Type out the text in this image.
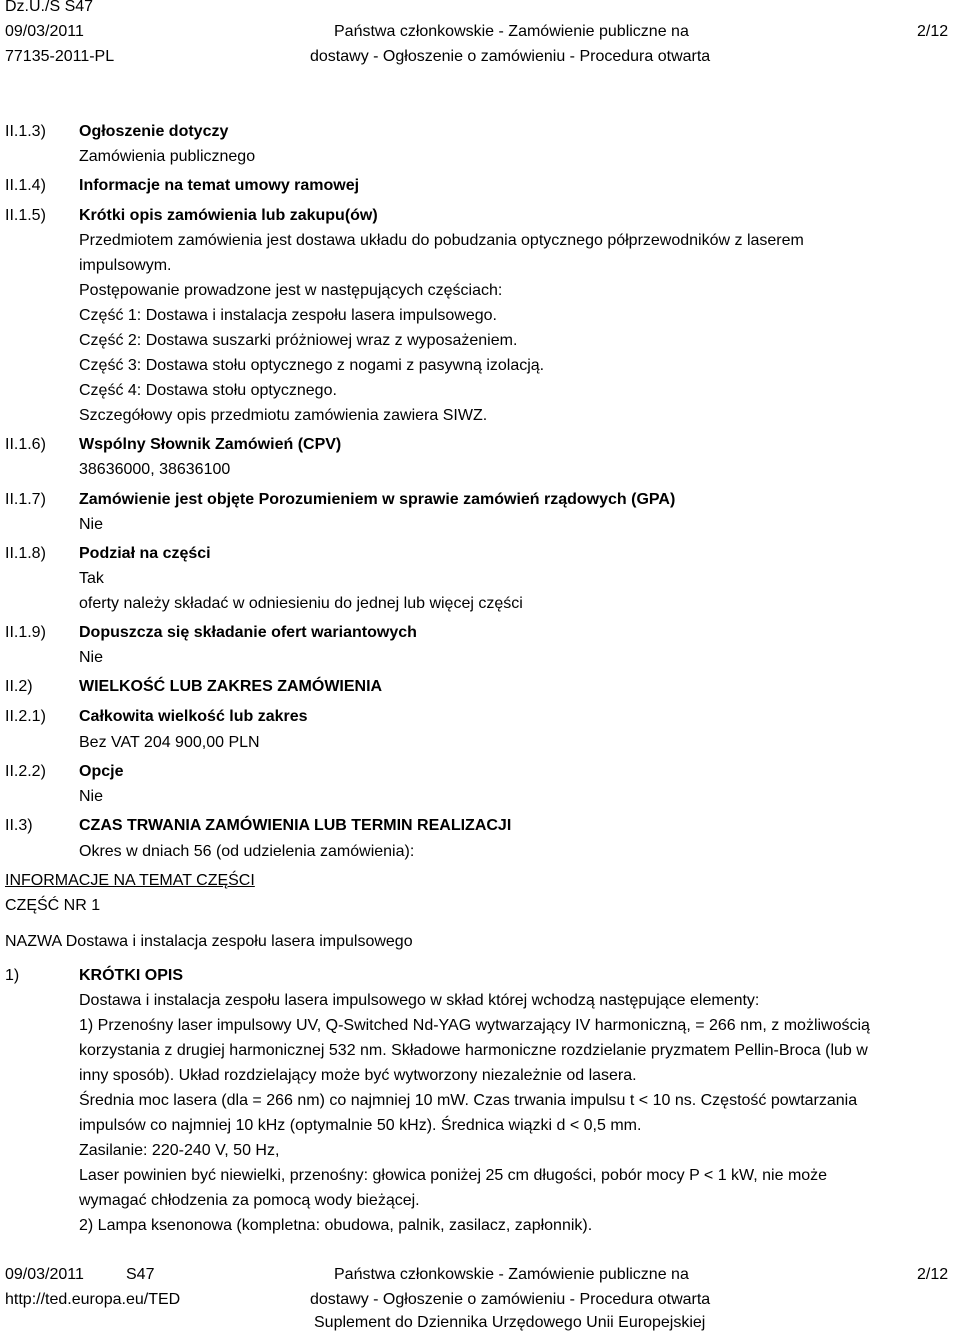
Dz.U./S S47
09/03/2011
77135-2011-PL
Państwa członkowskie - Zamówienie publiczne na
dostawy - Ogłoszenie o zamówieniu - Procedura otwarta
2/12
II.1.3)
II.1.4)
II.1.5)
II.1.6)
II.1.7)
II.1.8)
II.1.9)
II.2)
II.2.1)
II.2.2)
II.3)
Ogłoszenie dotyczy
Zamówienia publicznego
Informacje na temat umowy ramowej
Krótki opis zamówienia lub zakupu(ów)
Przedmiotem zamówienia jest dostawa układu do pobudzania optycznego półprzewodników z laserem
impulsowym.
Postępowanie prowadzone jest w następujących częściach:
Część 1: Dostawa i instalacja zespołu lasera impulsowego.
Część 2: Dostawa suszarki próżniowej wraz z wyposażeniem.
Część 3: Dostawa stołu optycznego z nogami z pasywną izolacją.
Część 4: Dostawa stołu optycznego.
Szczegółowy opis przedmiotu zamówienia zawiera SIWZ.
Wspólny Słownik Zamówień (CPV)
38636000, 38636100
Zamówienie jest objęte Porozumieniem w sprawie zamówień rządowych (GPA)
Nie
Podział na części
Tak
oferty należy składać w odniesieniu do jednej lub więcej części
Dopuszcza się składanie ofert wariantowych
Nie
WIELKOŚĆ LUB ZAKRES ZAMÓWIENIA
Całkowita wielkość lub zakres
Bez VAT 204 900,00 PLN
Opcje
Nie
CZAS TRWANIA ZAMÓWIENIA LUB TERMIN REALIZACJI
Okres w dniach 56 (od udzielenia zamówienia):
INFORMACJE NA TEMAT CZĘŚCI
CZĘŚĆ NR 1
NAZWA Dostawa i instalacja zespołu lasera impulsowego
1)	KRÓTKI OPIS
Dostawa i instalacja zespołu lasera impulsowego w skład której wchodzą następujące elementy:
1) Przenośny laser impulsowy UV, Q-Switched Nd-YAG wytwarzający IV harmoniczną, = 266 nm, z możliwością
korzystania z drugiej harmonicznej 532 nm. Składowe harmoniczne rozdzielanie pryzmatem Pellin-Broca (lub w
inny sposób). Układ rozdzielający może być wytworzony niezależnie od lasera.
Średnia moc lasera (dla = 266 nm) co najmniej 10 mW. Czas trwania impulsu t < 10 ns. Częstość powtarzania
impulsów co najmniej 10 kHz (optymalnie 50 kHz). Średnica wiązki d < 0,5 mm.
Zasilanie: 220-240 V, 50 Hz,
Laser powinien być niewielki, przenośny: głowica poniżej 25 cm długości, pobór mocy P < 1 kW, nie może
wymagać chłodzenia za pomocą wody bieżącej.
2) Lampa ksenonowa (kompletna: obudowa, palnik, zasilacz, zapłonnik).
09/03/2011	S47
http://ted.europa.eu/TED
Państwa członkowskie - Zamówienie publiczne na
dostawy - Ogłoszenie o zamówieniu - Procedura otwarta
Suplement do Dziennika Urzędowego Unii Europejskiej
2/12
